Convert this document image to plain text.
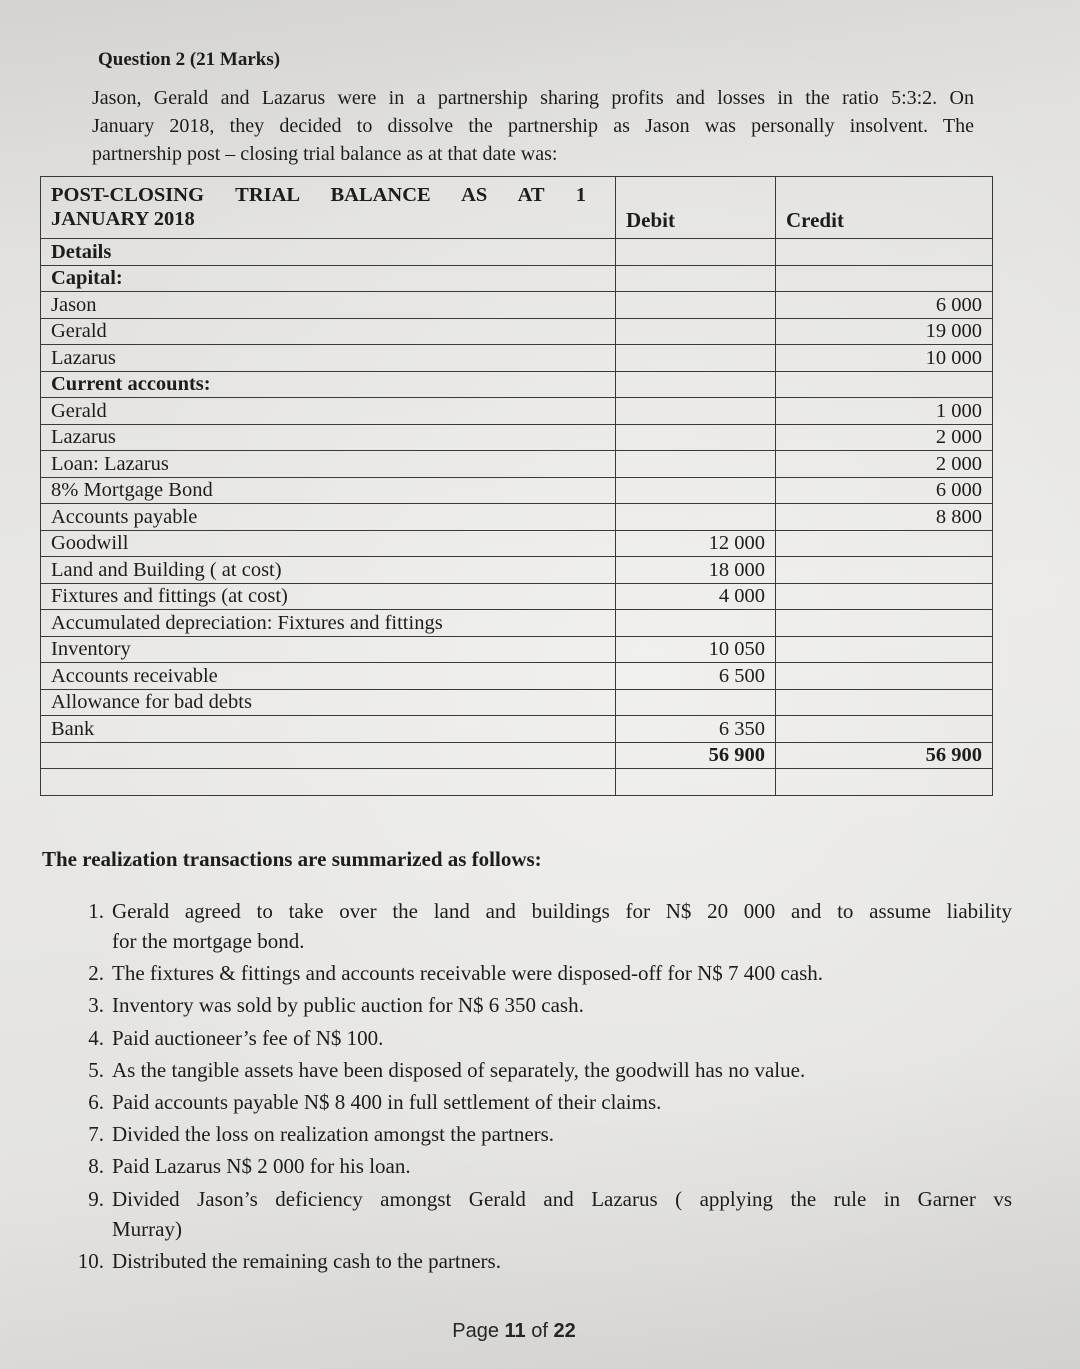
Question 2 (21 Marks)
Jason, Gerald and Lazarus were in a partnership sharing profits and losses in the ratio 5:3:2. On
January 2018, they decided to dissolve the partnership as Jason was personally insolvent. The
partnership post – closing trial balance as at that date was:
POST-CLOSING TRIAL BALANCE AS AT 1
JANUARY 2018	Debit	Credit
Details		
Capital:		
Jason		6 000
Gerald		19 000
Lazarus		10 000
Current accounts:		
Gerald		1 000
Lazarus		2 000
Loan: Lazarus		2 000
8% Mortgage Bond		6 000
Accounts payable		8 800
Goodwill	12 000	
Land and Building ( at cost)	18 000	
Fixtures and fittings (at cost)	4 000	
Accumulated depreciation: Fixtures and fittings		
Inventory	10 050	
Accounts receivable	6 500	
Allowance for bad debts		
Bank	6 350	
	56 900	56 900

The realization transactions are summarized as follows:
1. Gerald agreed to take over the land and buildings for N$ 20 000 and to assume liability
for the mortgage bond.
2. The fixtures & fittings and accounts receivable were disposed-off for N$ 7 400 cash.
3. Inventory was sold by public auction for N$ 6 350 cash.
4. Paid auctioneer’s fee of N$ 100.
5. As the tangible assets have been disposed of separately, the goodwill has no value.
6. Paid accounts payable N$ 8 400 in full settlement of their claims.
7. Divided the loss on realization amongst the partners.
8. Paid Lazarus N$ 2 000 for his loan.
9. Divided Jason’s deficiency amongst Gerald and Lazarus ( applying the rule in Garner vs
Murray)
10. Distributed the remaining cash to the partners.
Page 11 of 22
